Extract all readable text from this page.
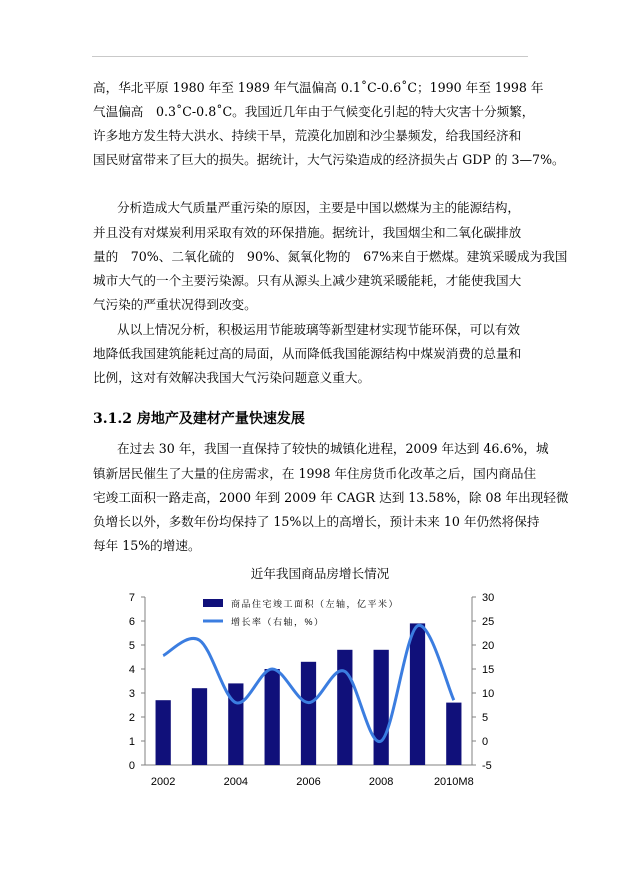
高，华北平原 1980 年至 1989 年气温偏高 0.1˚C-0.6˚C；1990 年至 1998 年
气温偏高　0.3˚C-0.8˚C。我国近几年由于气候变化引起的特大灾害十分频繁，
许多地方发生特大洪水、持续干旱，荒漠化加剧和沙尘暴频发，给我国经济和
国民财富带来了巨大的损失。据统计，大气污染造成的经济损失占 GDP 的 3—7%。
分析造成大气质量严重污染的原因，主要是中国以燃煤为主的能源结构，
并且没有对煤炭利用采取有效的环保措施。据统计，我国烟尘和二氧化碳排放
量的　70%、二氧化硫的　90%、氮氧化物的　67%来自于燃煤。建筑采暖成为我国
城市大气的一个主要污染源。只有从源头上减少建筑采暖能耗，才能使我国大
气污染的严重状况得到改变。
从以上情况分析，积极运用节能玻璃等新型建材实现节能环保，可以有效
地降低我国建筑能耗过高的局面，从而降低我国能源结构中煤炭消费的总量和
比例，这对有效解决我国大气污染问题意义重大。
3.1.2 房地产及建材产量快速发展
在过去 30 年，我国一直保持了较快的城镇化进程，2009 年达到 46.6%，城
镇新居民催生了大量的住房需求，在 1998 年住房货币化改革之后，国内商品住
宅竣工面积一路走高，2000 年到 2009 年 CAGR 达到 13.58%，除 08 年出现轻微
负增长以外，多数年份均保持了 15%以上的高增长，预计未来 10 年仍然将保持
每年 15%的增速。
近年我国商品房增长情况
0
1
2
3
4
5
6
7
-5
0
5
10
15
20
25
30
2002	2004	2006	2008	2010M8
商品住宅竣工面积（左轴，亿平米）
增长率（右轴，%）
